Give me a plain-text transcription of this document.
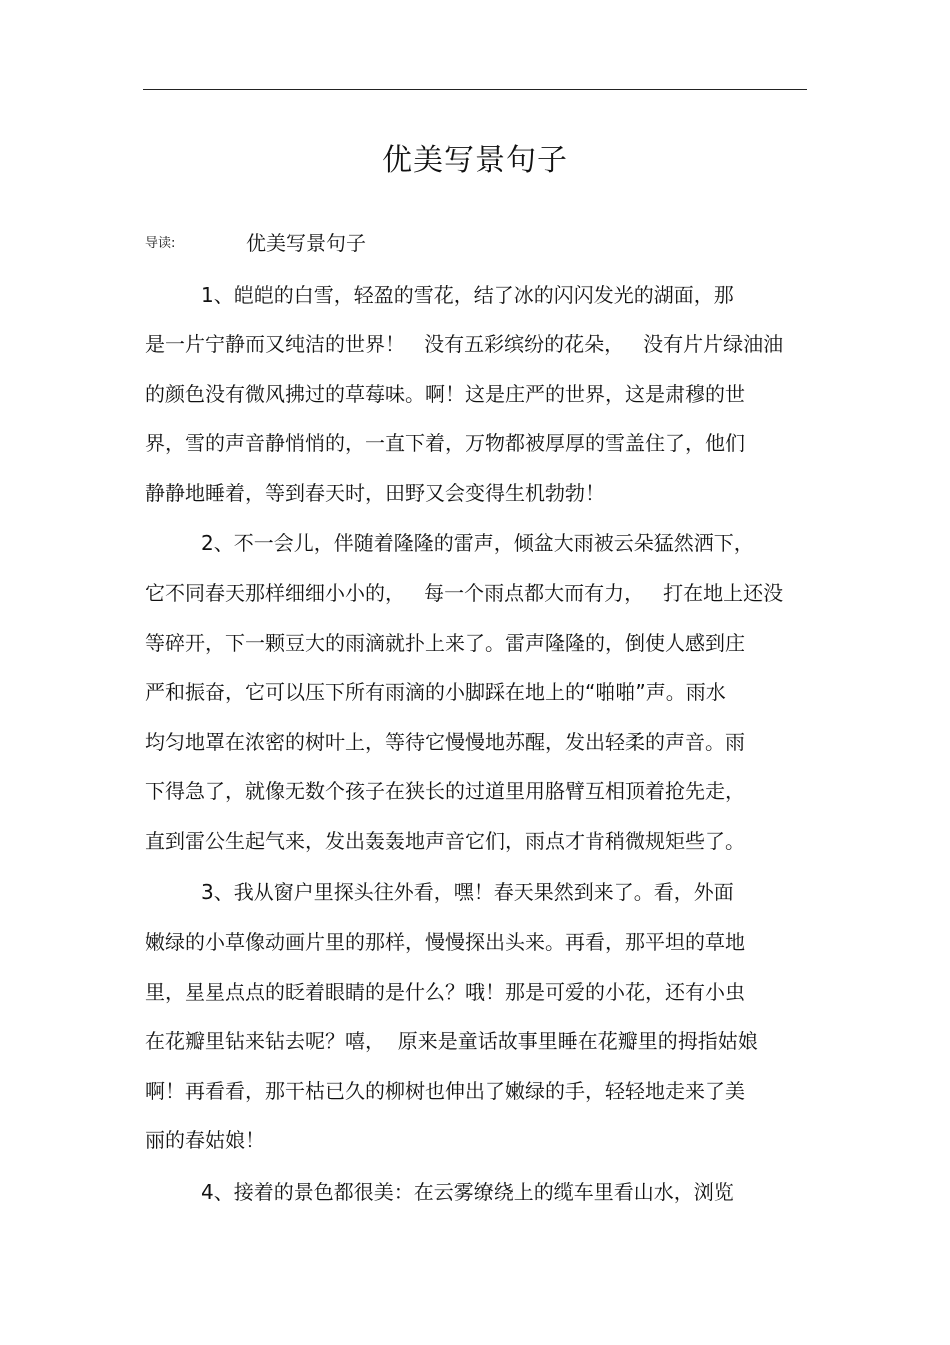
优美写景句子
导读:	优美写景句子
1、皑皑的白雪，轻盈的雪花，结了冰的闪闪发光的湖面，那
是一片宁静而又纯洁的世界！   没有五彩缤纷的花朵，   没有片片绿油油
的颜色没有微风拂过的草莓味。啊！这是庄严的世界，这是肃穆的世
界，雪的声音静悄悄的，一直下着，万物都被厚厚的雪盖住了，他们
静静地睡着，等到春天时，田野又会变得生机勃勃！
2、不一会儿，伴随着隆隆的雷声，倾盆大雨被云朵猛然洒下，
它不同春天那样细细小小的，   每一个雨点都大而有力，   打在地上还没
等碎开，下一颗豆大的雨滴就扑上来了。雷声隆隆的，倒使人感到庄
严和振奋，它可以压下所有雨滴的小脚踩在地上的“啪啪”声。雨水
均匀地罩在浓密的树叶上，等待它慢慢地苏醒，发出轻柔的声音。雨
下得急了，就像无数个孩子在狭长的过道里用胳臂互相顶着抢先走，
直到雷公生起气来，发出轰轰地声音它们，雨点才肯稍微规矩些了。
3、我从窗户里探头往外看，嘿！春天果然到来了。看，外面
嫩绿的小草像动画片里的那样，慢慢探出头来。再看，那平坦的草地
里，星星点点的眨着眼睛的是什么？哦！那是可爱的小花，还有小虫
在花瓣里钻来钻去呢？嘻，  原来是童话故事里睡在花瓣里的拇指姑娘
啊！再看看，那干枯已久的柳树也伸出了嫩绿的手，轻轻地走来了美
丽的春姑娘！
4、接着的景色都很美：在云雾缭绕上的缆车里看山水，浏览
